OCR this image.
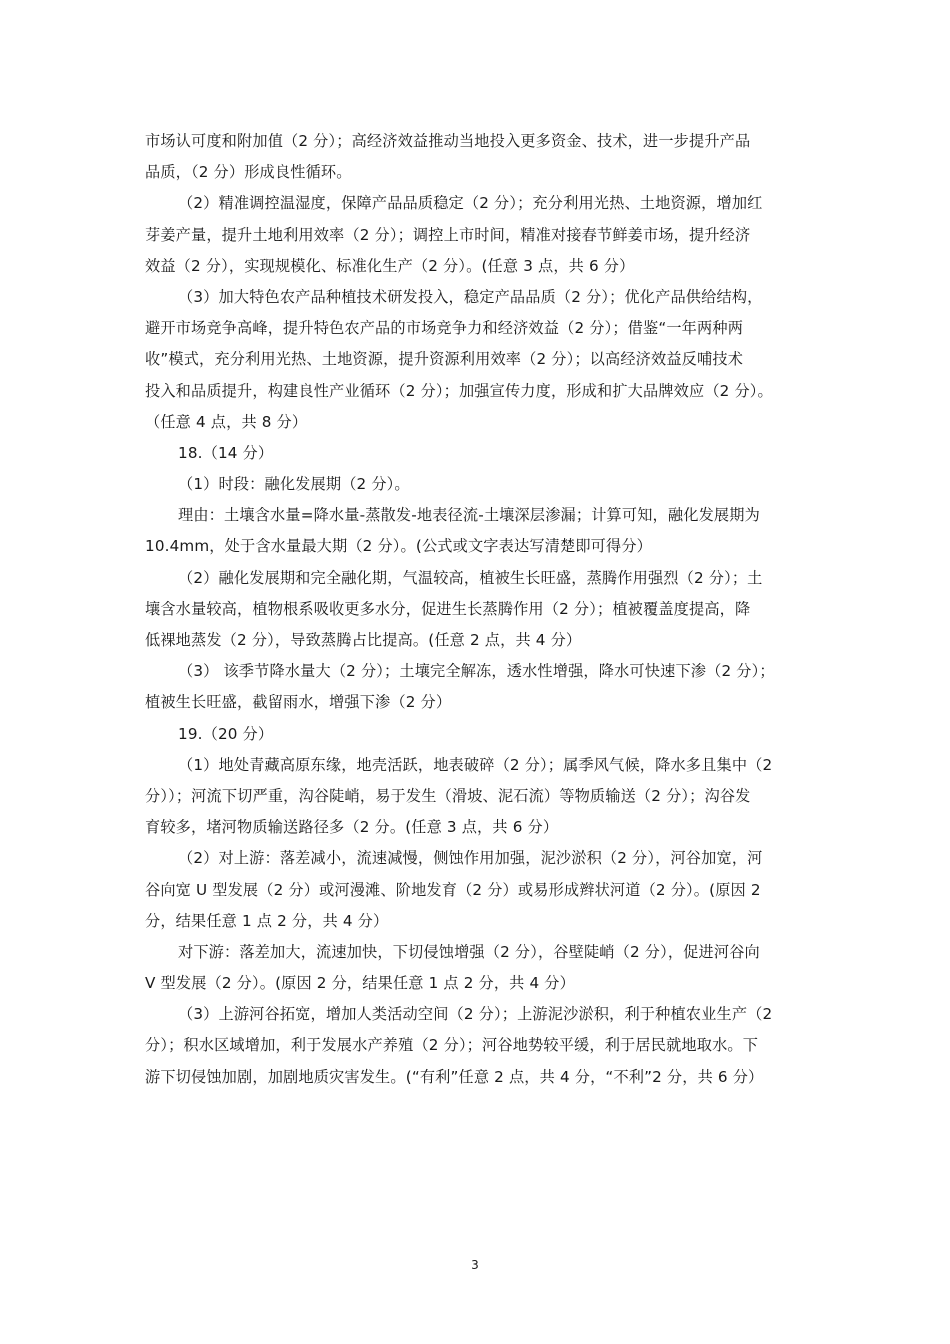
市场认可度和附加值（2 分）；高经济效益推动当地投入更多资金、技术，进一步提升产品
品质，（2 分）形成良性循环。
（2）精准调控温湿度，保障产品品质稳定（2 分）；充分利用光热、土地资源，增加红
芽姜产量，提升土地利用效率（2 分）；调控上市时间，精准对接春节鲜姜市场，提升经济
效益（2 分），实现规模化、标准化生产（2 分）。(任意 3 点，共 6 分）
（3）加大特色农产品种植技术研发投入，稳定产品品质（2 分）；优化产品供给结构，
避开市场竞争高峰，提升特色农产品的市场竞争力和经济效益（2 分）；借鉴“一年两种两
收”模式，充分利用光热、土地资源，提升资源利用效率（2 分）；以高经济效益反哺技术
投入和品质提升，构建良性产业循环（2 分）；加强宣传力度，形成和扩大品牌效应（2 分）。
（任意 4 点，共 8 分）
18.（14 分）
（1）时段：融化发展期（2 分）。
理由：土壤含水量=降水量-蒸散发-地表径流-土壤深层渗漏；计算可知，融化发展期为
10.4mm，处于含水量最大期（2 分）。(公式或文字表达写清楚即可得分）
（2）融化发展期和完全融化期，气温较高，植被生长旺盛，蒸腾作用强烈（2 分）；土
壤含水量较高，植物根系吸收更多水分，促进生长蒸腾作用（2 分）；植被覆盖度提高，降
低裸地蒸发（2 分），导致蒸腾占比提高。(任意 2 点，共 4 分）
（3） 该季节降水量大（2 分）；土壤完全解冻，透水性增强，降水可快速下渗（2 分）；
植被生长旺盛，截留雨水，增强下渗（2 分）
19.（20 分）
（1）地处青藏高原东缘，地壳活跃，地表破碎（2 分）；属季风气候，降水多且集中（2
分））；河流下切严重，沟谷陡峭，易于发生（滑坡、泥石流）等物质输送（2 分）；沟谷发
育较多，堵河物质输送路径多（2 分。(任意 3 点，共 6 分）
（2）对上游：落差减小，流速减慢，侧蚀作用加强，泥沙淤积（2 分），河谷加宽，河
谷向宽 U 型发展（2 分）或河漫滩、阶地发育（2 分）或易形成辫状河道（2 分）。(原因 2
分，结果任意 1 点 2 分，共 4 分）
对下游：落差加大，流速加快，下切侵蚀增强（2 分），谷壁陡峭（2 分），促进河谷向
V 型发展（2 分）。(原因 2 分，结果任意 1 点 2 分，共 4 分）
（3）上游河谷拓宽，增加人类活动空间（2 分）；上游泥沙淤积，利于种植农业生产（2
分）；积水区域增加，利于发展水产养殖（2 分）；河谷地势较平缓，利于居民就地取水。下
游下切侵蚀加剧，加剧地质灾害发生。(“有利”任意 2 点，共 4 分，“不利”2 分，共 6 分）
3
